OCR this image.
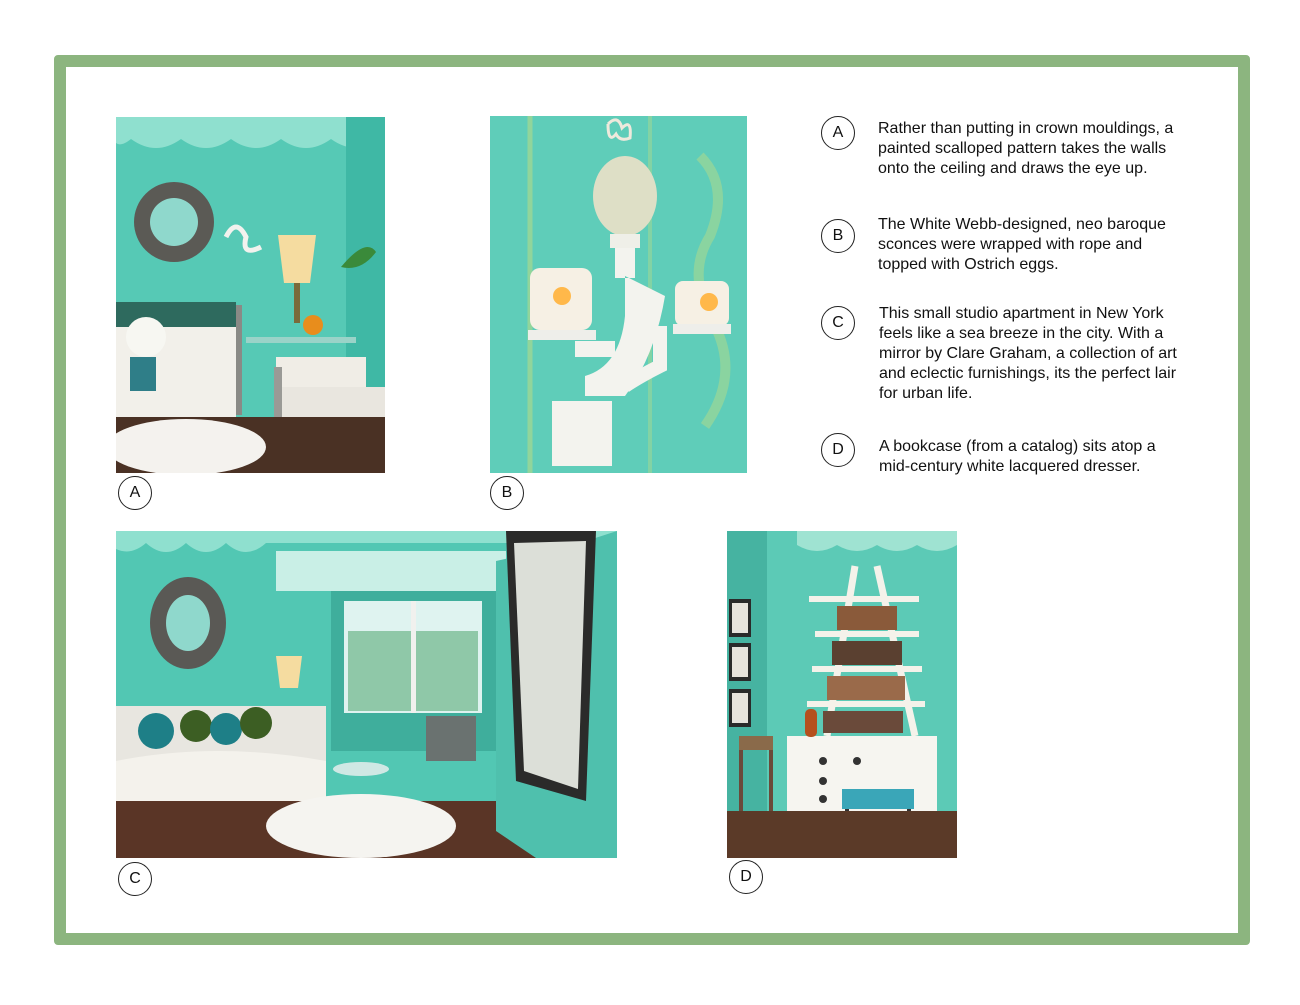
A	B
C	D
A
B
C
D
Rather than putting in crown mouldings, a painted scalloped pattern takes the walls onto the ceiling and draws the eye up.
The White Webb-designed, neo baroque sconces were wrapped with rope and topped with Ostrich eggs.
This small studio apartment in New York feels like a sea breeze in the city. With a mirror by Clare Graham, a collection of art and eclectic furnishings, its the perfect lair for urban life.
A bookcase (from a catalog) sits atop a mid-century white lacquered dresser.
